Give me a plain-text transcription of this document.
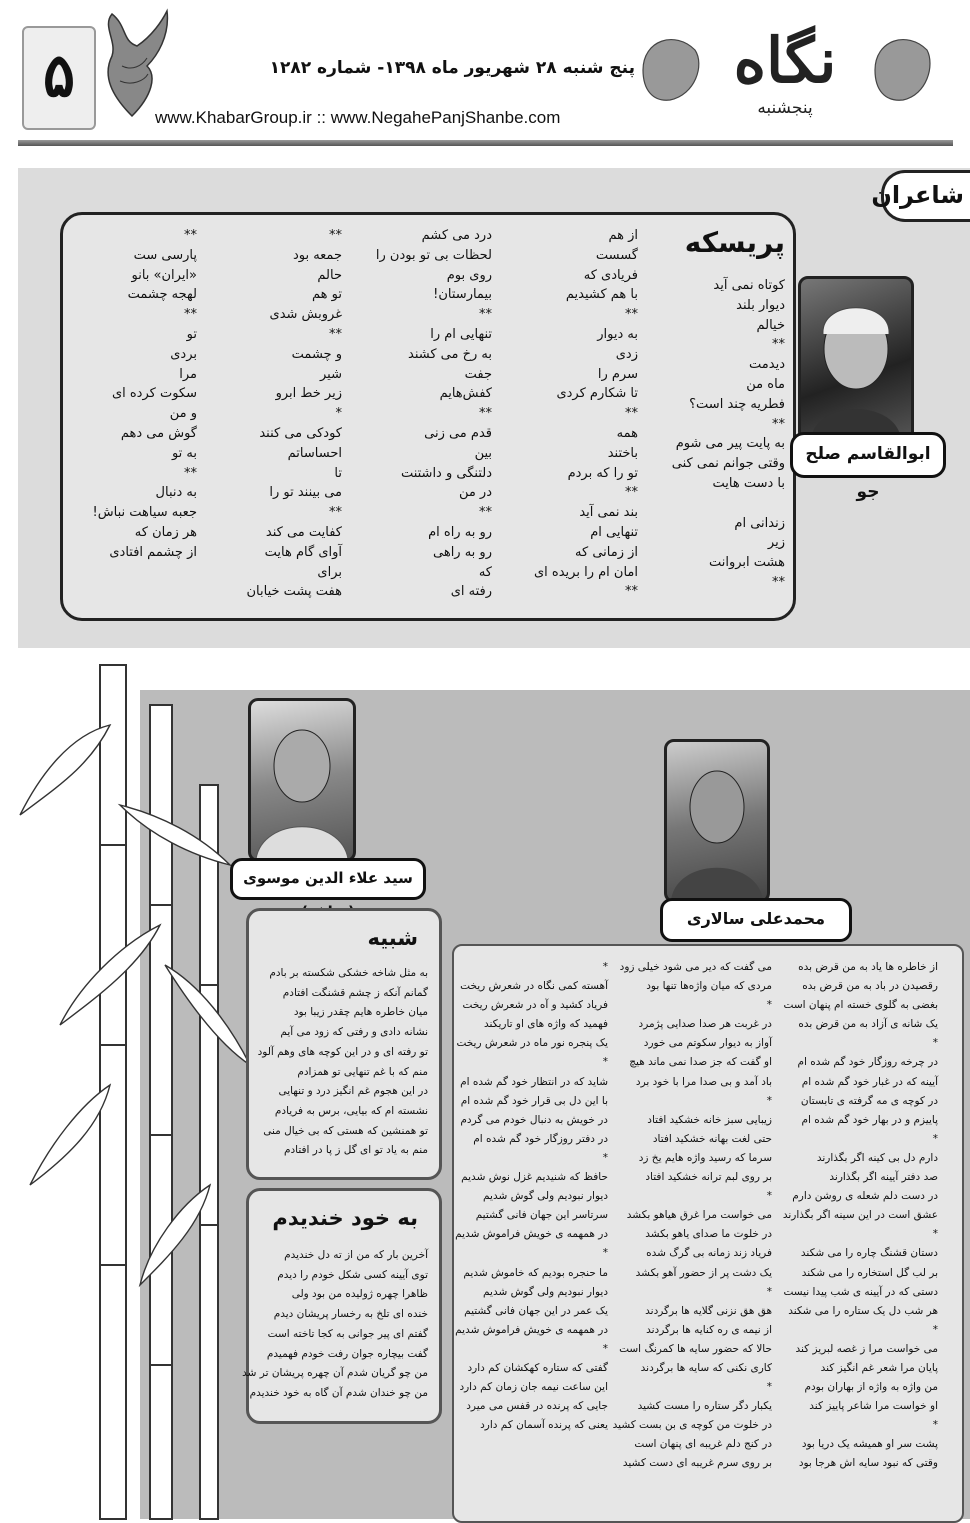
۵	پنج شنبه ۲۸ شهریور ماه ۱۳۹۸- شماره ۱۲۸۲
www.KhabarGroup.ir :: www.NegahePanjShanbe.com
نگاه
پنجشنبه
شاعران
پریسکه
کوتاه نمی آید
دیوار بلند
خیالم
**
دیدمت
ماه من
فطریه چند است؟
**
به پایت پیر می شوم
وقتی جوانم نمی کنی
با دست هایت

زندانی ام
زیر
هشت ابروانت
**
از هم
گسست
فریادی که
با هم کشیدیم
**
به دیوار
زدی
سرم را
تا شکارم کردی
**
همه
باختند
تو را که بردم
**
بند نمی آید
تنهایی ام
از زمانی که
امان ام را بریده ای
**
درد می کشم
لحظات بی تو بودن را
روی بوم
بیمارستان!
**
تنهایی ام را
به رخ می کشند
جفت
کفش‌هایم
**
قدم می زنی
بین
دلتنگی و داشتنت
در من
**
رو به راه ام
رو به راهی
که
رفته ای
**
جمعه بود
حالم
تو هم
غروبش شدی
**
و چشمت
شیر
زیر خط ابرو
*
کودکی می کنند
احساساتم
تا
می بینند تو را
**
کفایت می کند
آوای گام هایت
برای
هفت پشت خیابان
**
پارسی ست
«ایران» بانو
لهجه چشمت
**
تو
بردی
مرا
سکوت کرده ای
و من
گوش می دهم
به تو
**
به دنبال
جعبه سیاهت نباش!
هر زمان که
از چشمم افتادی
ابوالقاسم صلح جو
سید علاء الدین موسوی
محمدعلی سالاری
شبیه
به مثل شاخه خشکی شکسته بر بادم
گمانم آنکه ز چشم قشنگت افتادم
میان خاطره هایم چقدر زیبا بود
نشانه دادی و رفتی که زود می آیم
تو رفته ای و در این کوچه های وهم آلود
منم که با غم تنهایی تو همزادم
در این هجوم غم انگیز درد و تنهایی
نشسته ام که بیایی، برس به فریادم
تو همنشین که هستی که بی خیال منی
منم به یاد تو ای گل ز پا در افتادم
به خود خندیدم
آخرین بار که من از ته دل خندیدم
توی آیینه کسی شکل خودم را دیدم
ظاهرا چهره ژولیده من بود ولی
خنده ای تلخ به رخسار پریشان دیدم
گفتم ای پیر جوانی به کجا تاخته است
گفت بیچاره جوان رفت خودم فهمیدم
من چو گریان شدم آن چهره پریشان تر شد
من چو خندان شدم آن گاه به خود خندیدم
از خاطره ها یاد به من قرض بده
رقصیدن در باد به من قرض بده
بغضی به گلوی خسته ام پنهان است
یک شانه ی آزاد به من قرض بده
*
در چرخه روزگار خود گم شده ام
آیینه که در غبار خود گم شده ام
در کوچه ی مه گرفته ی تابستان
پاییزم و در بهار خود گم شده ام
*
دارم دل بی کینه اگر بگذارند
صد دفتر آیینه اگر بگذارند
در دست دلم شعله ی روشن دارم
عشق است در این سینه اگر بگذارند
*
دستان قشنگ چاره را می شکند
بر لب گل استخاره را می شکند
دستی که در آیینه ی شب پیدا نیست
هر شب دل یک ستاره را می شکند
*
می خواست مرا ز غصه لبریز کند
پایان مرا شعر غم انگیز کند
من واژه به واژه از بهاران بودم
او خواست مرا شاعر پاییز کند
*
پشت سر او همیشه یک دریا بود
وقتی که نبود سایه اش هرجا بود
می گفت که دیر می شود خیلی زود
مردی که میان واژه‌ها تنها بود
*
در غربت هر صدا صدایی پژمرد
آواز به دیوار سکوتم می خورد
او گفت که جز صدا نمی ماند هیچ
باد آمد و بی صدا مرا با خود برد
*
زیبایی سبز خانه خشکید افتاد
حتی لغت بهانه خشکید افتاد
سرما که رسید واژه هایم یخ زد
بر روی لبم ترانه خشکید افتاد
*
می خواست مرا غرق هیاهو بکشد
در خلوت ما صدای یاهو بکشد
فریاد زند زمانه بی گرگ شده
یک دشت پر از حضور آهو بکشد
*
هق هق نزنی گلایه ها برگردند
از نیمه ی ره کنایه ها برگردند
حالا که حضور سایه ها کمرنگ است
کاری نکنی که سایه ها برگردند
*
یکبار دگر ستاره را مست کشید
در خلوت من کوچه ی بن بست کشید
در کنج دلم غریبه ای پنهان است
بر روی سرم غریبه ای دست کشید
*
آهسته کمی نگاه در شعرش ریخت
فریاد کشید و آه در شعرش ریخت
فهمید که واژه های او تاریکند
یک پنجره نور ماه در شعرش ریخت
*
شاید که در انتظار خود گم شده ام
با این دل بی قرار خود گم شده ام
در خویش به دنبال خودم می گردم
در دفتر روزگار خود گم شده ام
*
حافظ که شنیدیم غزل نوش شدیم
دیوار نبودیم ولی گوش شدیم
سرتاسر این جهان فانی گشتیم
در همهمه ی خویش فراموش شدیم
*
ما حنجره بودیم که خاموش شدیم
دیوار نبودیم ولی گوش شدیم
یک عمر در این جهان فانی گشتیم
در همهمه ی خویش فراموش شدیم
*
گفتی که ستاره کهکشان کم دارد
این ساعت نیمه جان زمان کم دارد
جایی که پرنده در قفس می میرد
یعنی که پرنده آسمان کم دارد
